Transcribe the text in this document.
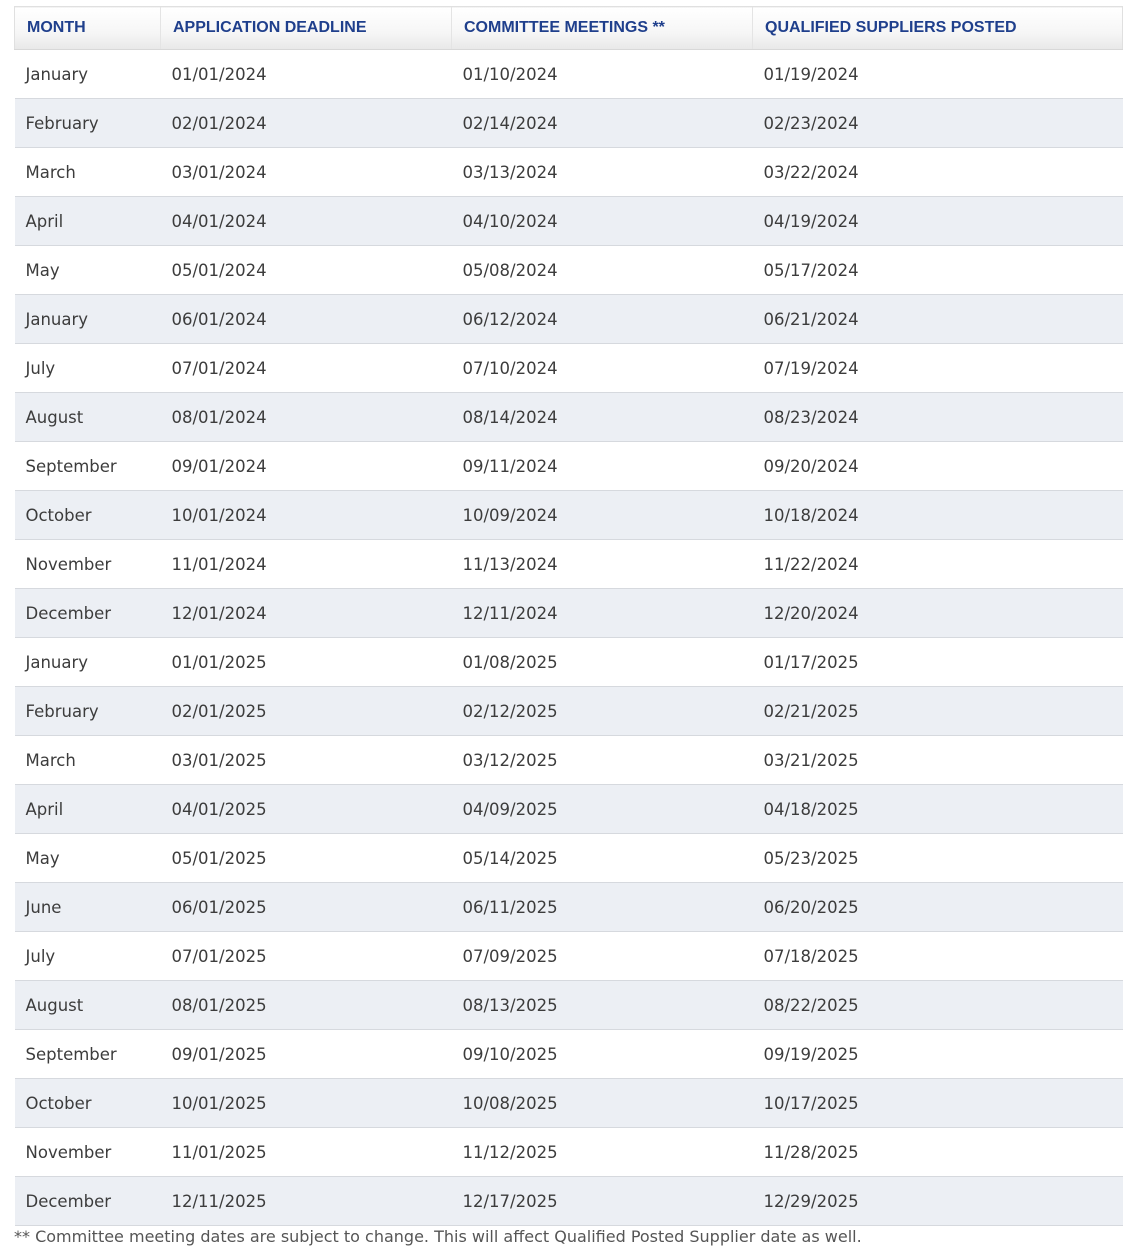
MONTH	APPLICATION DEADLINE	COMMITTEE MEETINGS **	QUALIFIED SUPPLIERS POSTED
January	01/01/2024	01/10/2024	01/19/2024
February	02/01/2024	02/14/2024	02/23/2024
March	03/01/2024	03/13/2024	03/22/2024
April	04/01/2024	04/10/2024	04/19/2024
May	05/01/2024	05/08/2024	05/17/2024
January	06/01/2024	06/12/2024	06/21/2024
July	07/01/2024	07/10/2024	07/19/2024
August	08/01/2024	08/14/2024	08/23/2024
September	09/01/2024	09/11/2024	09/20/2024
October	10/01/2024	10/09/2024	10/18/2024
November	11/01/2024	11/13/2024	11/22/2024
December	12/01/2024	12/11/2024	12/20/2024
January	01/01/2025	01/08/2025	01/17/2025
February	02/01/2025	02/12/2025	02/21/2025
March	03/01/2025	03/12/2025	03/21/2025
April	04/01/2025	04/09/2025	04/18/2025
May	05/01/2025	05/14/2025	05/23/2025
June	06/01/2025	06/11/2025	06/20/2025
July	07/01/2025	07/09/2025	07/18/2025
August	08/01/2025	08/13/2025	08/22/2025
September	09/01/2025	09/10/2025	09/19/2025
October	10/01/2025	10/08/2025	10/17/2025
November	11/01/2025	11/12/2025	11/28/2025
December	12/11/2025	12/17/2025	12/29/2025
** Committee meeting dates are subject to change. This will affect Qualified Posted Supplier date as well.
